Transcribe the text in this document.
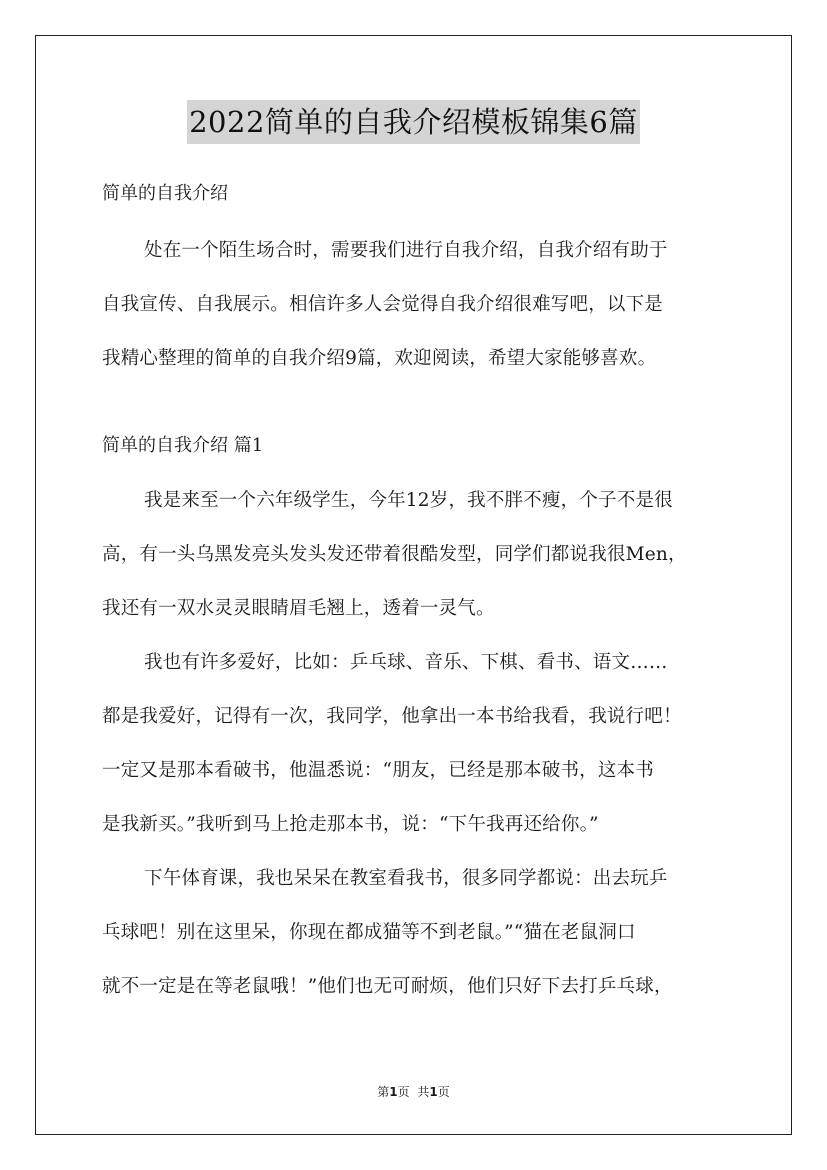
2022简单的自我介绍模板锦集6篇
简单的自我介绍

处在一个陌生场合时，需要我们进行自我介绍，自我介绍有助于

自我宣传、自我展示。相信许多人会觉得自我介绍很难写吧，以下是

我精心整理的简单的自我介绍9篇，欢迎阅读，希望大家能够喜欢。

简单的自我介绍 篇1

我是来至一个六年级学生，今年12岁，我不胖不瘦，个子不是很

高，有一头乌黑发亮头发头发还带着很酷发型，同学们都说我很Men，

我还有一双水灵灵眼睛眉毛翘上，透着一灵气。

我也有许多爱好，比如：乒乓球、音乐、下棋、看书、语文……

都是我爱好，记得有一次，我同学，他拿出一本书给我看，我说行吧！

一定又是那本看破书，他温悉说：“朋友，已经是那本破书，这本书

是我新买。”我听到马上抢走那本书，说：“下午我再还给你。”

下午体育课，我也呆呆在教室看我书，很多同学都说：出去玩乒

乓球吧！别在这里呆，你现在都成猫等不到老鼠。”“猫在老鼠洞口

就不一定是在等老鼠哦！”他们也无可耐烦，他们只好下去打乒乓球，

第1页 共1页
